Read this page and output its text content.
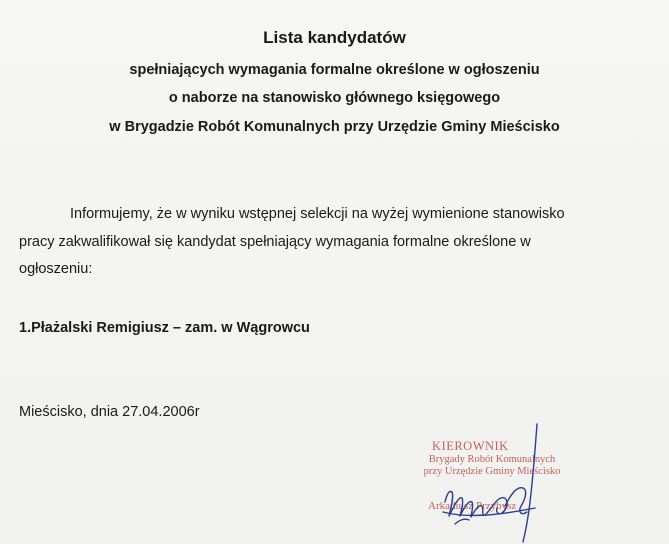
Lista kandydatów
spełniających wymagania formalne określone w ogłoszeniu
o naborze na stanowisko głównego księgowego
w Brygadzie Robót Komunalnych przy Urzędzie Gminy Mieścisko
Informujemy, że w wyniku wstępnej selekcji na wyżej wymienione stanowisko
pracy zakwalifikował się kandydat spełniający wymagania formalne określone w
ogłoszeniu:
1.Płażalski Remigiusz – zam. w Wągrowcu
Mieścisko, dnia 27.04.2006r
KIEROWNIK
Brygady Robót Komunalnych
przy Urzędzie Gminy Mieścisko
Arkadiusz Przybysz
